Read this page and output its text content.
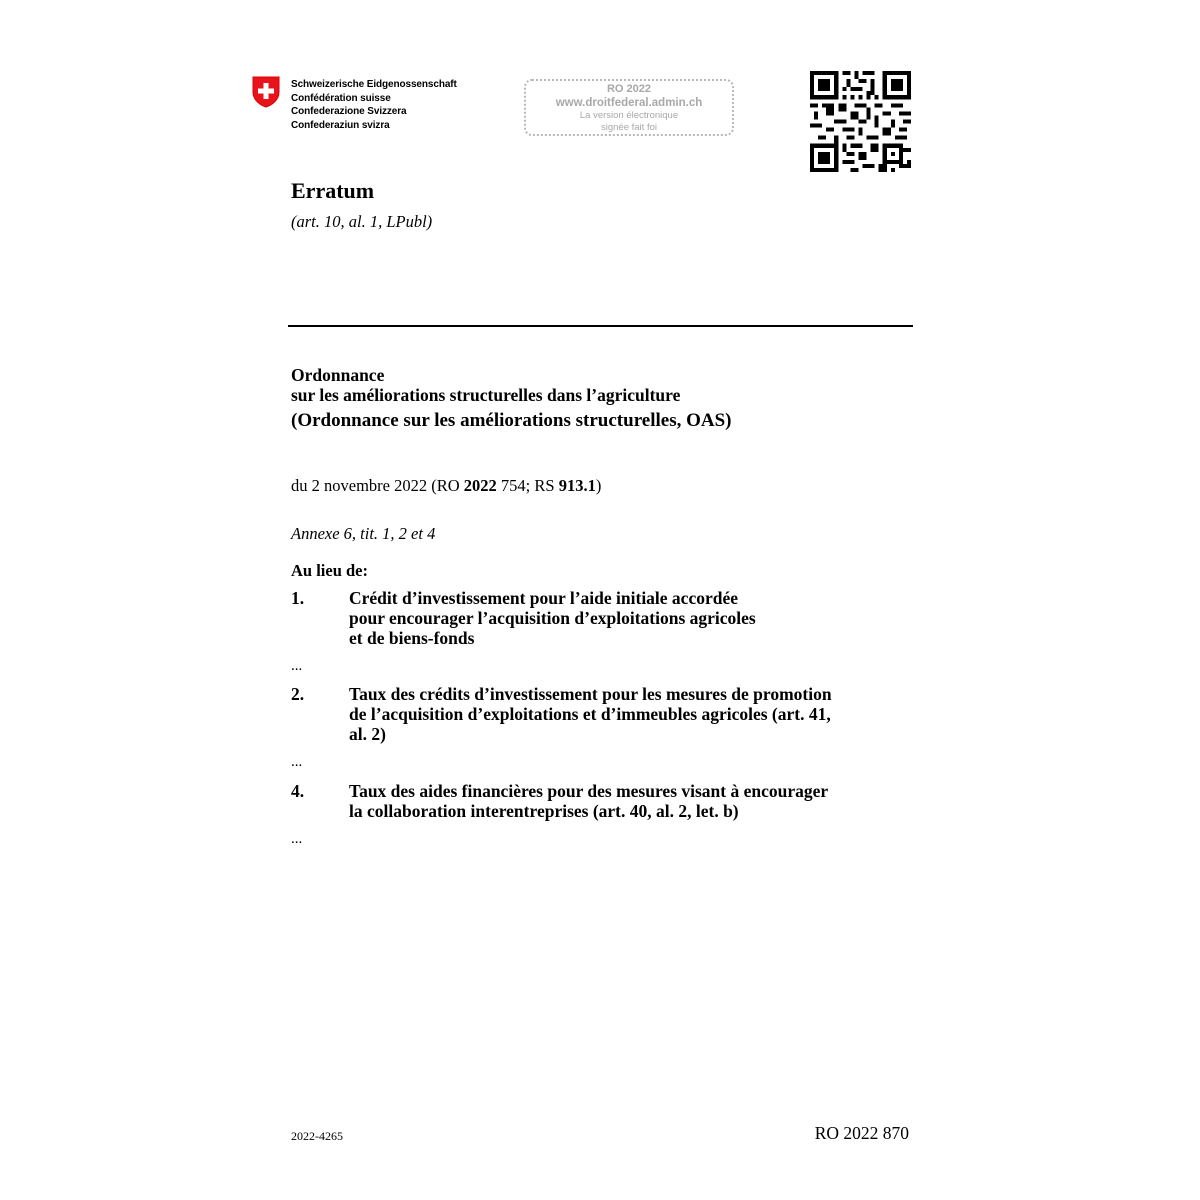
Schweizerische Eidgenossenschaft
Confédération suisse
Confederazione Svizzera
Confederaziun svizra
RO 2022
www.droitfederal.admin.ch
La version électronique
signée fait foi
Erratum
(art. 10, al. 1, LPubl)
Ordonnance
sur les améliorations structurelles dans l’agriculture
(Ordonnance sur les améliorations structurelles, OAS)
du 2 novembre 2022 (RO 2022 754; RS 913.1)
Annexe 6, tit. 1, 2 et 4
Au lieu de:
1.	Crédit d’investissement pour l’aide initiale accordée
pour encourager l’acquisition d’exploitations agricoles
et de biens-fonds
...
2.	Taux des crédits d’investissement pour les mesures de promotion
de l’acquisition d’exploitations et d’immeubles agricoles (art. 41,
al. 2)
...
4.	Taux des aides financières pour des mesures visant à encourager
la collaboration interentreprises (art. 40, al. 2, let. b)
...
2022-4265	RO 2022 870
